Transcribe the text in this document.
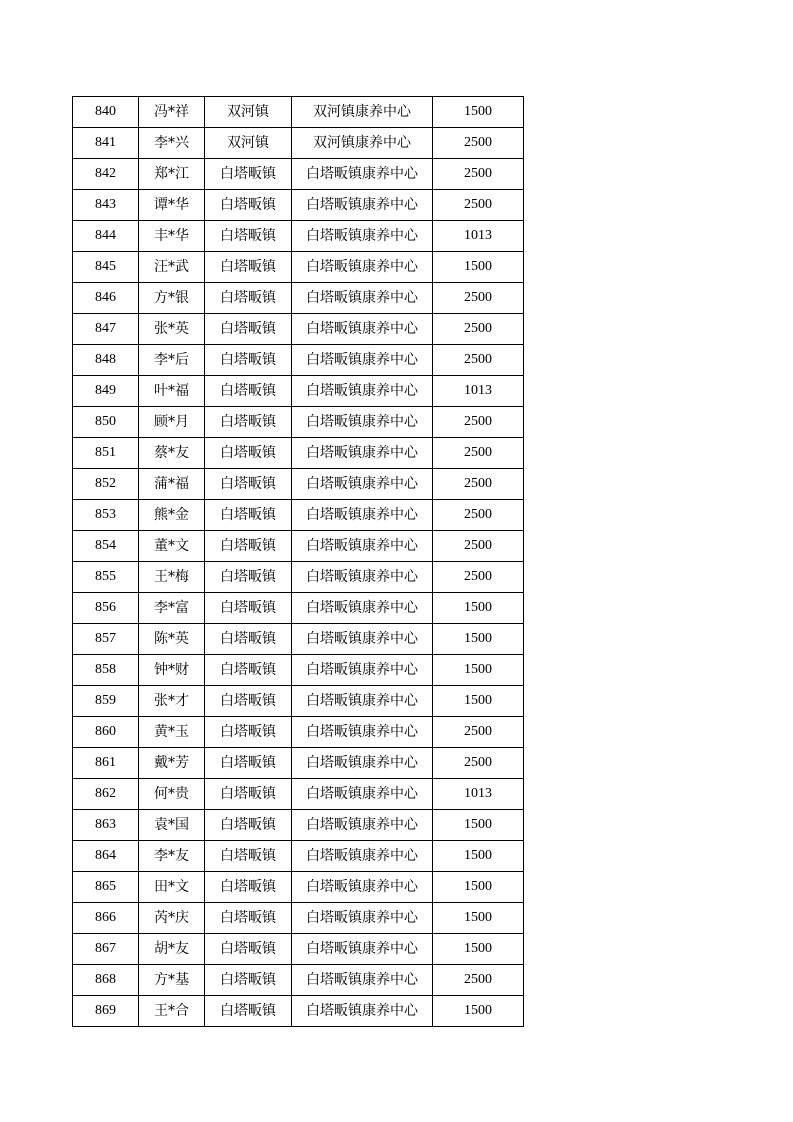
840	冯*祥	双河镇	双河镇康养中心	1500
841	李*兴	双河镇	双河镇康养中心	2500
842	郑*江	白塔畈镇	白塔畈镇康养中心	2500
843	谭*华	白塔畈镇	白塔畈镇康养中心	2500
844	丰*华	白塔畈镇	白塔畈镇康养中心	1013
845	汪*武	白塔畈镇	白塔畈镇康养中心	1500
846	方*银	白塔畈镇	白塔畈镇康养中心	2500
847	张*英	白塔畈镇	白塔畈镇康养中心	2500
848	李*后	白塔畈镇	白塔畈镇康养中心	2500
849	叶*福	白塔畈镇	白塔畈镇康养中心	1013
850	顾*月	白塔畈镇	白塔畈镇康养中心	2500
851	蔡*友	白塔畈镇	白塔畈镇康养中心	2500
852	蒲*福	白塔畈镇	白塔畈镇康养中心	2500
853	熊*金	白塔畈镇	白塔畈镇康养中心	2500
854	董*文	白塔畈镇	白塔畈镇康养中心	2500
855	王*梅	白塔畈镇	白塔畈镇康养中心	2500
856	李*富	白塔畈镇	白塔畈镇康养中心	1500
857	陈*英	白塔畈镇	白塔畈镇康养中心	1500
858	钟*财	白塔畈镇	白塔畈镇康养中心	1500
859	张*才	白塔畈镇	白塔畈镇康养中心	1500
860	黄*玉	白塔畈镇	白塔畈镇康养中心	2500
861	戴*芳	白塔畈镇	白塔畈镇康养中心	2500
862	何*贵	白塔畈镇	白塔畈镇康养中心	1013
863	袁*国	白塔畈镇	白塔畈镇康养中心	1500
864	李*友	白塔畈镇	白塔畈镇康养中心	1500
865	田*文	白塔畈镇	白塔畈镇康养中心	1500
866	芮*庆	白塔畈镇	白塔畈镇康养中心	1500
867	胡*友	白塔畈镇	白塔畈镇康养中心	1500
868	方*基	白塔畈镇	白塔畈镇康养中心	2500
869	王*合	白塔畈镇	白塔畈镇康养中心	1500
